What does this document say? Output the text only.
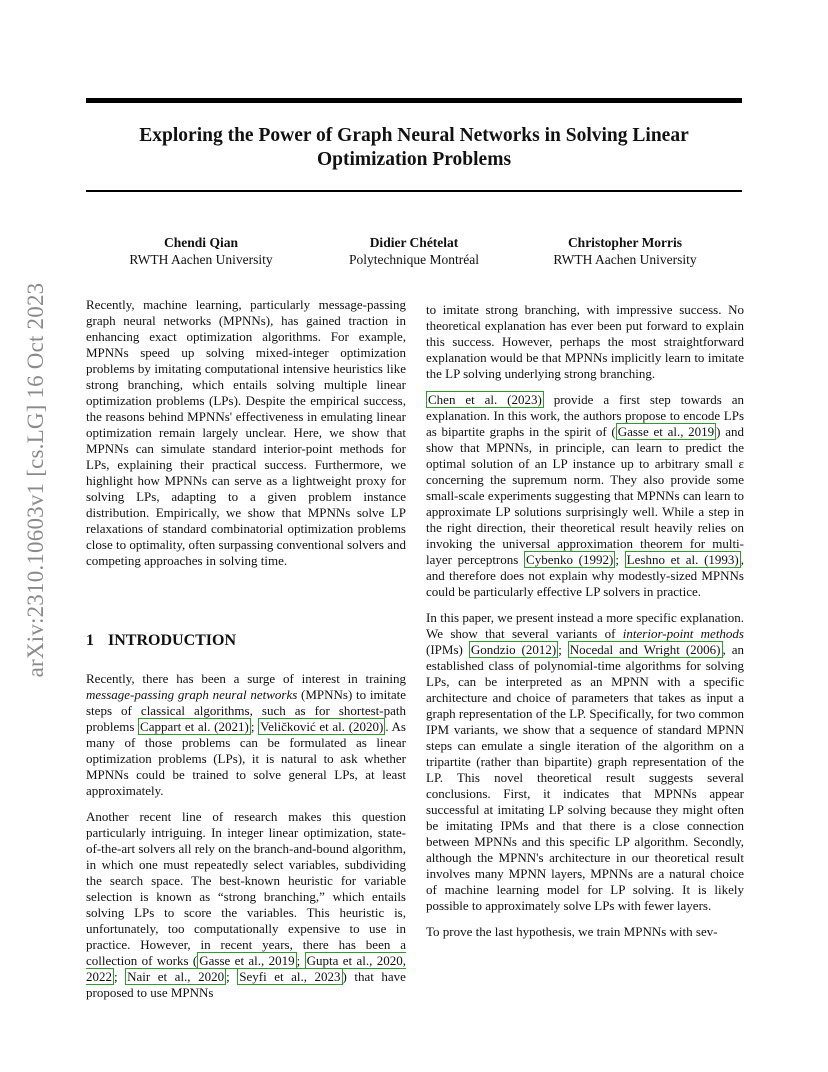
Exploring the Power of Graph Neural Networks in Solving Linear
Optimization Problems
Chendi Qian
RWTH Aachen University
Didier Chételat
Polytechnique Montréal
Christopher Morris
RWTH Aachen University
arXiv:2310.10603v1 [cs.LG] 16 Oct 2023	Recently, machine learning, particularly message-passing graph neural networks (MPNNs), has gained traction in enhancing exact optimization algorithms. For example, MPNNs speed up solving mixed-integer optimization problems by imitating computational intensive heuristics like strong branching, which entails solving multiple linear optimization problems (LPs). Despite the empirical success, the reasons behind MPNNs' effectiveness in emulating linear optimization remain largely unclear. Here, we show that MPNNs can simulate standard interior-point methods for LPs, explaining their practical success. Furthermore, we highlight how MPNNs can serve as a lightweight proxy for solving LPs, adapting to a given problem instance distribution. Empirically, we show that MPNNs solve LP relaxations of standard combinatorial optimization problems close to optimality, often surpassing conventional solvers and competing approaches in solving time.

1 INTRODUCTION

Recently, there has been a surge of interest in training message-passing graph neural networks (MPNNs) to imitate steps of classical algorithms, such as for shortest-path problems Cappart et al. (2021) ; Veličković et al. (2020) . As many of those problems can be formulated as linear optimization problems (LPs), it is natural to ask whether MPNNs could be trained to solve general LPs, at least approximately.

Another recent line of research makes this question particularly intriguing. In integer linear optimization, state-of-the-art solvers all rely on the branch-and-bound algorithm, in which one must repeatedly select variables, subdividing the search space. The best-known heuristic for variable selection is known as “strong branching,” which entails solving LPs to score the variables. This heuristic is, unfortunately, too computationally expensive to use in practice. However, in recent years, there has been a collection of works ( Gasse et al., 2019 ; Gupta et al., 2020, 2022 ; Nair et al., 2020 ; Seyfi et al., 2023 ) that have proposed to use MPNNs

to imitate strong branching, with impressive success. No theoretical explanation has ever been put forward to explain this success. However, perhaps the most straightforward explanation would be that MPNNs implicitly learn to imitate the LP solving underlying strong branching.

Chen et al. (2023) provide a first step towards an explanation. In this work, the authors propose to encode LPs as bipartite graphs in the spirit of ( Gasse et al., 2019 ) and show that MPNNs, in principle, can learn to predict the optimal solution of an LP instance up to arbitrary small ε concerning the supremum norm. They also provide some small-scale experiments suggesting that MPNNs can learn to approximate LP solutions surprisingly well. While a step in the right direction, their theoretical result heavily relies on invoking the universal approximation theorem for multi-layer perceptrons Cybenko (1992) ; Leshno et al. (1993) , and therefore does not explain why modestly-sized MPNNs could be particularly effective LP solvers in practice.

In this paper, we present instead a more specific explanation. We show that several variants of interior-point methods (IPMs) Gondzio (2012) ; Nocedal and Wright (2006) , an established class of polynomial-time algorithms for solving LPs, can be interpreted as an MPNN with a specific architecture and choice of parameters that takes as input a graph representation of the LP. Specifically, for two common IPM variants, we show that a sequence of standard MPNN steps can emulate a single iteration of the algorithm on a tripartite (rather than bipartite) graph representation of the LP. This novel theoretical result suggests several conclusions. First, it indicates that MPNNs appear successful at imitating LP solving because they might often be imitating IPMs and that there is a close connection between MPNNs and this specific LP algorithm. Secondly, although the MPNN's architecture in our theoretical result involves many MPNN layers, MPNNs are a natural choice of machine learning model for LP solving. It is likely possible to approximately solve LPs with fewer layers.

To prove the last hypothesis, we train MPNNs with sev-
